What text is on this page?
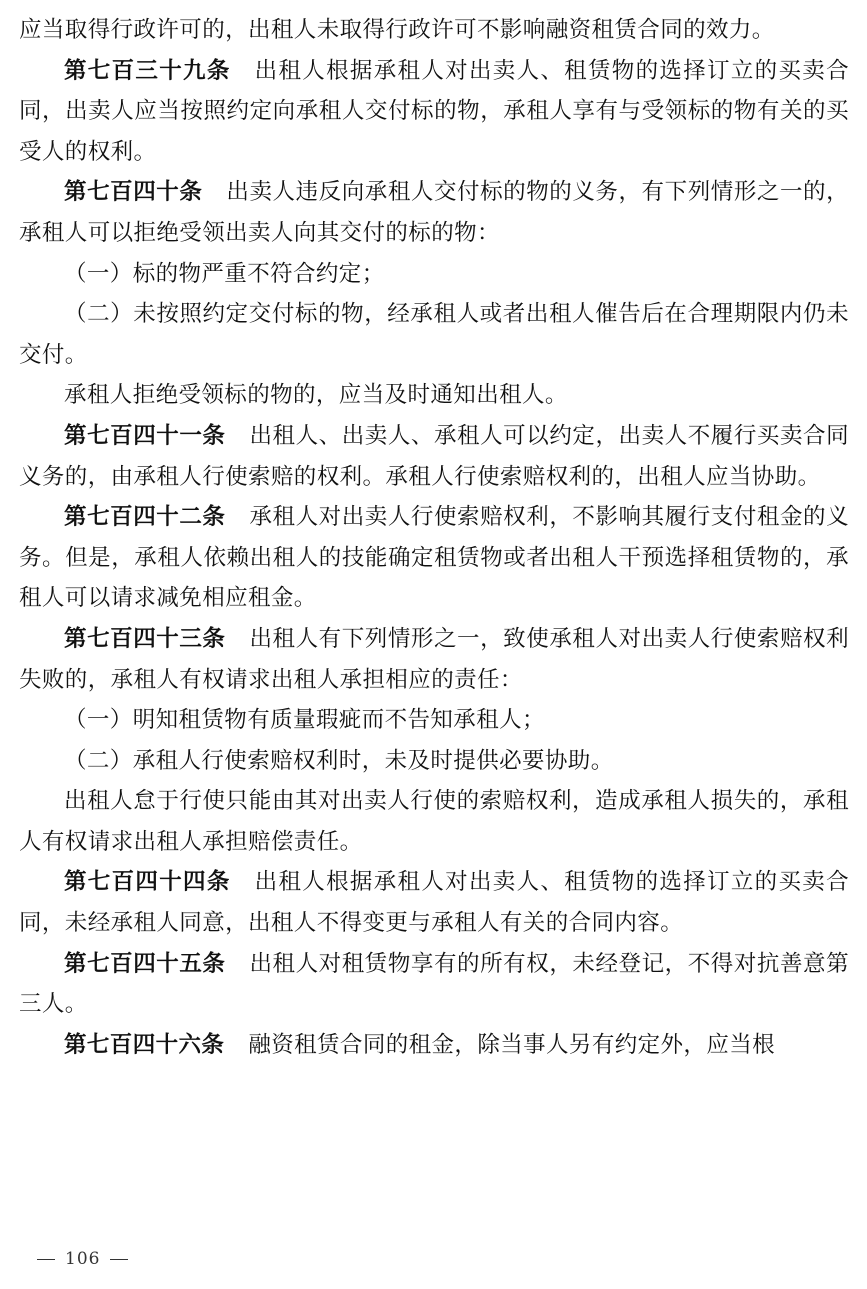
应当取得行政许可的，出租人未取得行政许可不影响融资租赁合同的效力。

第七百三十九条 出租人根据承租人对出卖人、租赁物的选择订立的买卖合同，出卖人应当按照约定向承租人交付标的物，承租人享有与受领标的物有关的买受人的权利。

第七百四十条 出卖人违反向承租人交付标的物的义务，有下列情形之一的，承租人可以拒绝受领出卖人向其交付的标的物：

（一）标的物严重不符合约定；

（二）未按照约定交付标的物，经承租人或者出租人催告后在合理期限内仍未交付。

承租人拒绝受领标的物的，应当及时通知出租人。

第七百四十一条 出租人、出卖人、承租人可以约定，出卖人不履行买卖合同义务的，由承租人行使索赔的权利。承租人行使索赔权利的，出租人应当协助。

第七百四十二条 承租人对出卖人行使索赔权利，不影响其履行支付租金的义务。但是，承租人依赖出租人的技能确定租赁物或者出租人干预选择租赁物的，承租人可以请求减免相应租金。

第七百四十三条 出租人有下列情形之一，致使承租人对出卖人行使索赔权利失败的，承租人有权请求出租人承担相应的责任：

（一）明知租赁物有质量瑕疵而不告知承租人；

（二）承租人行使索赔权利时，未及时提供必要协助。

出租人怠于行使只能由其对出卖人行使的索赔权利，造成承租人损失的，承租人有权请求出租人承担赔偿责任。

第七百四十四条 出租人根据承租人对出卖人、租赁物的选择订立的买卖合同，未经承租人同意，出租人不得变更与承租人有关的合同内容。

第七百四十五条 出租人对租赁物享有的所有权，未经登记，不得对抗善意第三人。

第七百四十六条 融资租赁合同的租金，除当事人另有约定外，应当根

106
